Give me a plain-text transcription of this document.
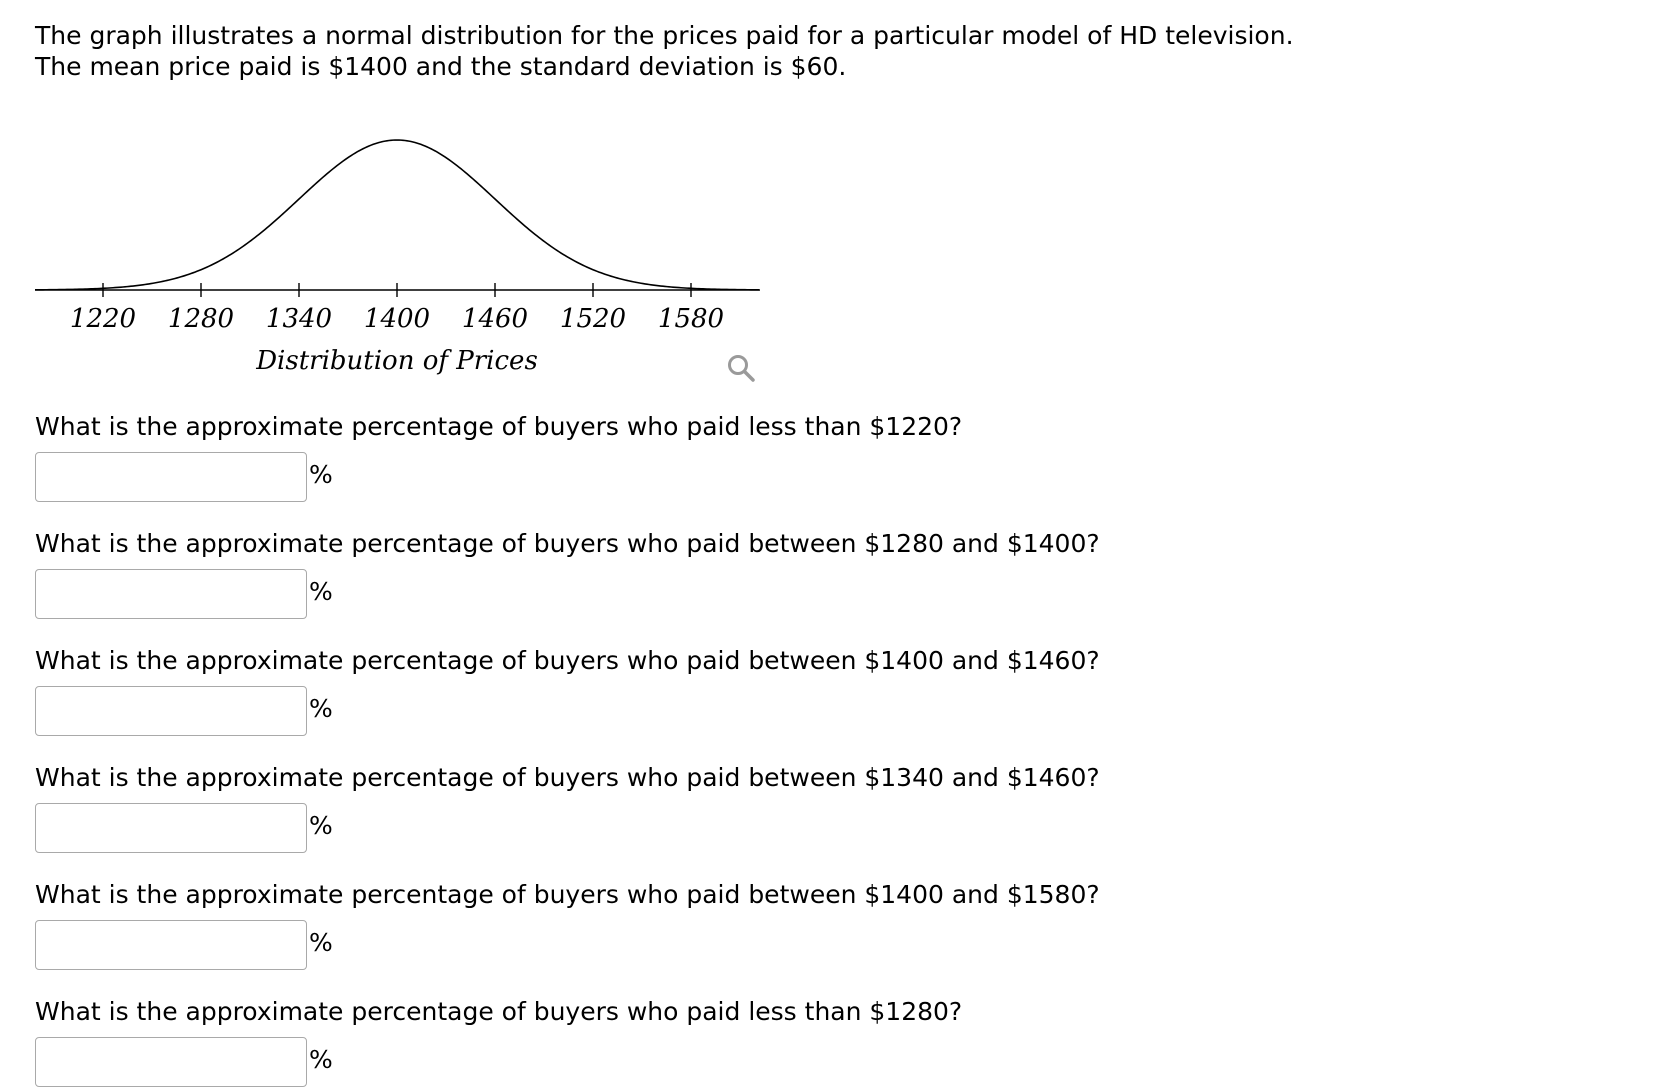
The graph illustrates a normal distribution for the prices paid for a particular model of HD television. The mean price paid is $1400 and the standard deviation is $60.

1220 1280 1340 1400 1460 1520 1580
Distribution of Prices

What is the approximate percentage of buyers who paid less than $1220?

%

What is the approximate percentage of buyers who paid between $1280 and $1400?

%

What is the approximate percentage of buyers who paid between $1400 and $1460?

%

What is the approximate percentage of buyers who paid between $1340 and $1460?

%

What is the approximate percentage of buyers who paid between $1400 and $1580?

%

What is the approximate percentage of buyers who paid less than $1280?

%
